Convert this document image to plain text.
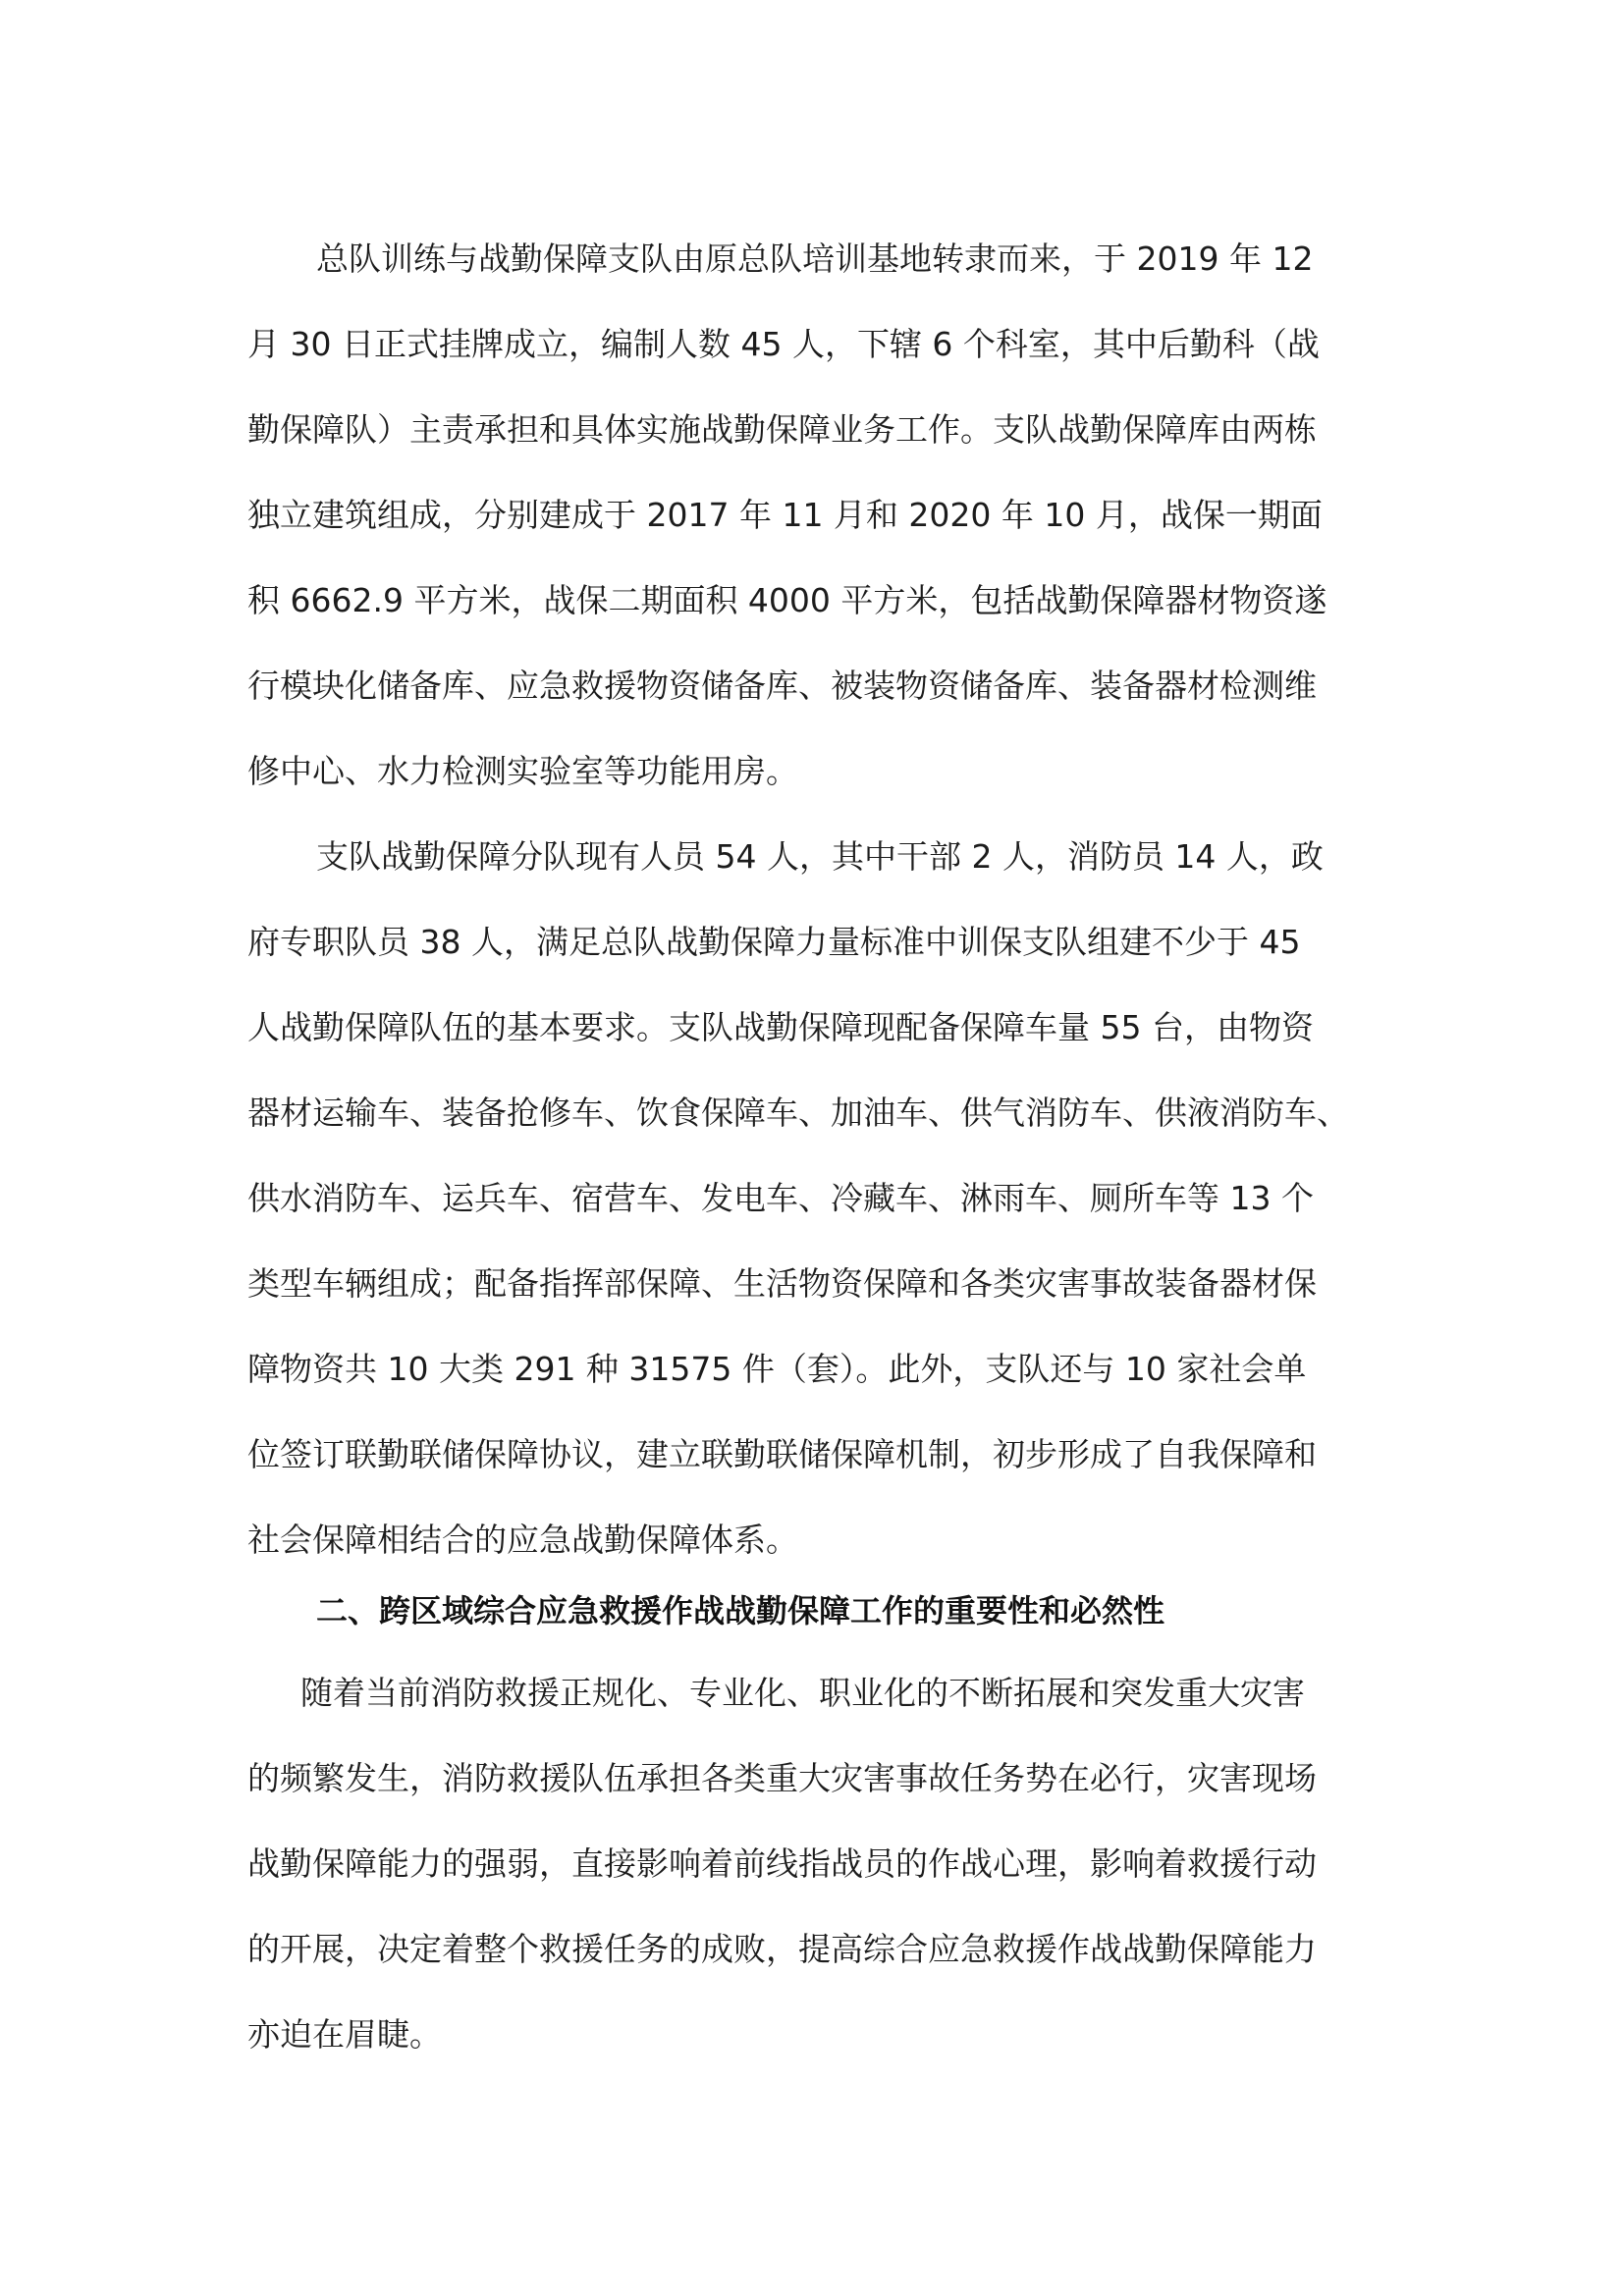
总队训练与战勤保障支队由原总队培训基地转隶而来，于 2019 年 12
月 30 日正式挂牌成立，编制人数 45 人，下辖 6 个科室，其中后勤科（战
勤保障队）主责承担和具体实施战勤保障业务工作。支队战勤保障库由两栋
独立建筑组成，分别建成于 2017 年 11 月和 2020 年 10 月，战保一期面
积 6662.9 平方米，战保二期面积 4000 平方米，包括战勤保障器材物资遂
行模块化储备库、应急救援物资储备库、被装物资储备库、装备器材检测维
修中心、水力检测实验室等功能用房。
支队战勤保障分队现有人员 54 人，其中干部 2 人，消防员 14 人，政
府专职队员 38 人，满足总队战勤保障力量标准中训保支队组建不少于 45
人战勤保障队伍的基本要求。支队战勤保障现配备保障车量 55 台，由物资
器材运输车、装备抢修车、饮食保障车、加油车、供气消防车、供液消防车、
供水消防车、运兵车、宿营车、发电车、冷藏车、淋雨车、厕所车等 13 个
类型车辆组成；配备指挥部保障、生活物资保障和各类灾害事故装备器材保
障物资共 10 大类 291 种 31575 件（套）。此外，支队还与 10 家社会单
位签订联勤联储保障协议，建立联勤联储保障机制，初步形成了自我保障和
社会保障相结合的应急战勤保障体系。
二、跨区域综合应急救援作战战勤保障工作的重要性和必然性
随着当前消防救援正规化、专业化、职业化的不断拓展和突发重大灾害
的频繁发生，消防救援队伍承担各类重大灾害事故任务势在必行，灾害现场
战勤保障能力的强弱，直接影响着前线指战员的作战心理，影响着救援行动
的开展，决定着整个救援任务的成败，提高综合应急救援作战战勤保障能力
亦迫在眉睫。
